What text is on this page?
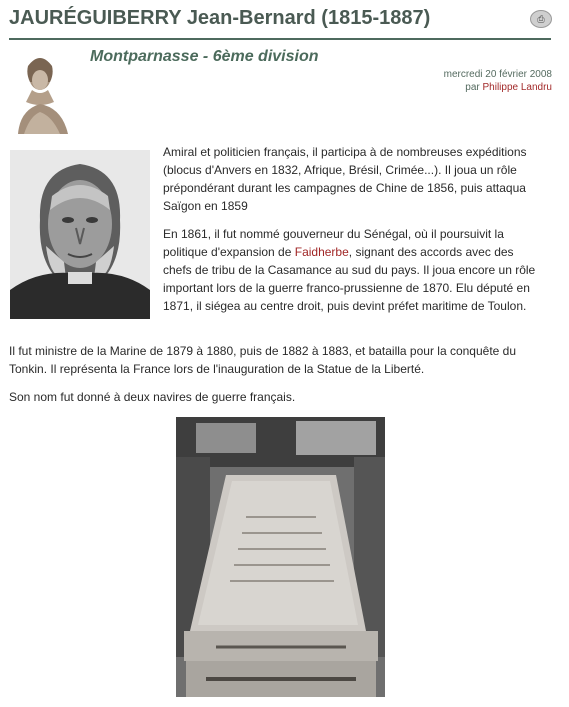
JAURÉGUIBERRY Jean-Bernard (1815-1887)	⎙
Montparnasse - 6ème division
mercredi 20 février 2008
par Philippe Landru
Amiral et politicien français, il participa à de nombreuses expéditions (blocus d'Anvers en 1832, Afrique, Brésil, Crimée...). Il joua un rôle prépondérant durant les campagnes de Chine de 1856, puis attaqua Saïgon en 1859
En 1861, il fut nommé gouverneur du Sénégal, où il poursuivit la politique d'expansion de Faidherbe, signant des accords avec des chefs de tribu de la Casamance au sud du pays. Il joua encore un rôle important lors de la guerre franco-prussienne de 1870. Elu député en 1871, il siégea au centre droit, puis devint préfet maritime de Toulon.
Il fut ministre de la Marine de 1879 à 1880, puis de 1882 à 1883, et batailla pour la conquête du Tonkin. Il représenta la France lors de l'inauguration de la Statue de la Liberté.
Son nom fut donné à deux navires de guerre français.
